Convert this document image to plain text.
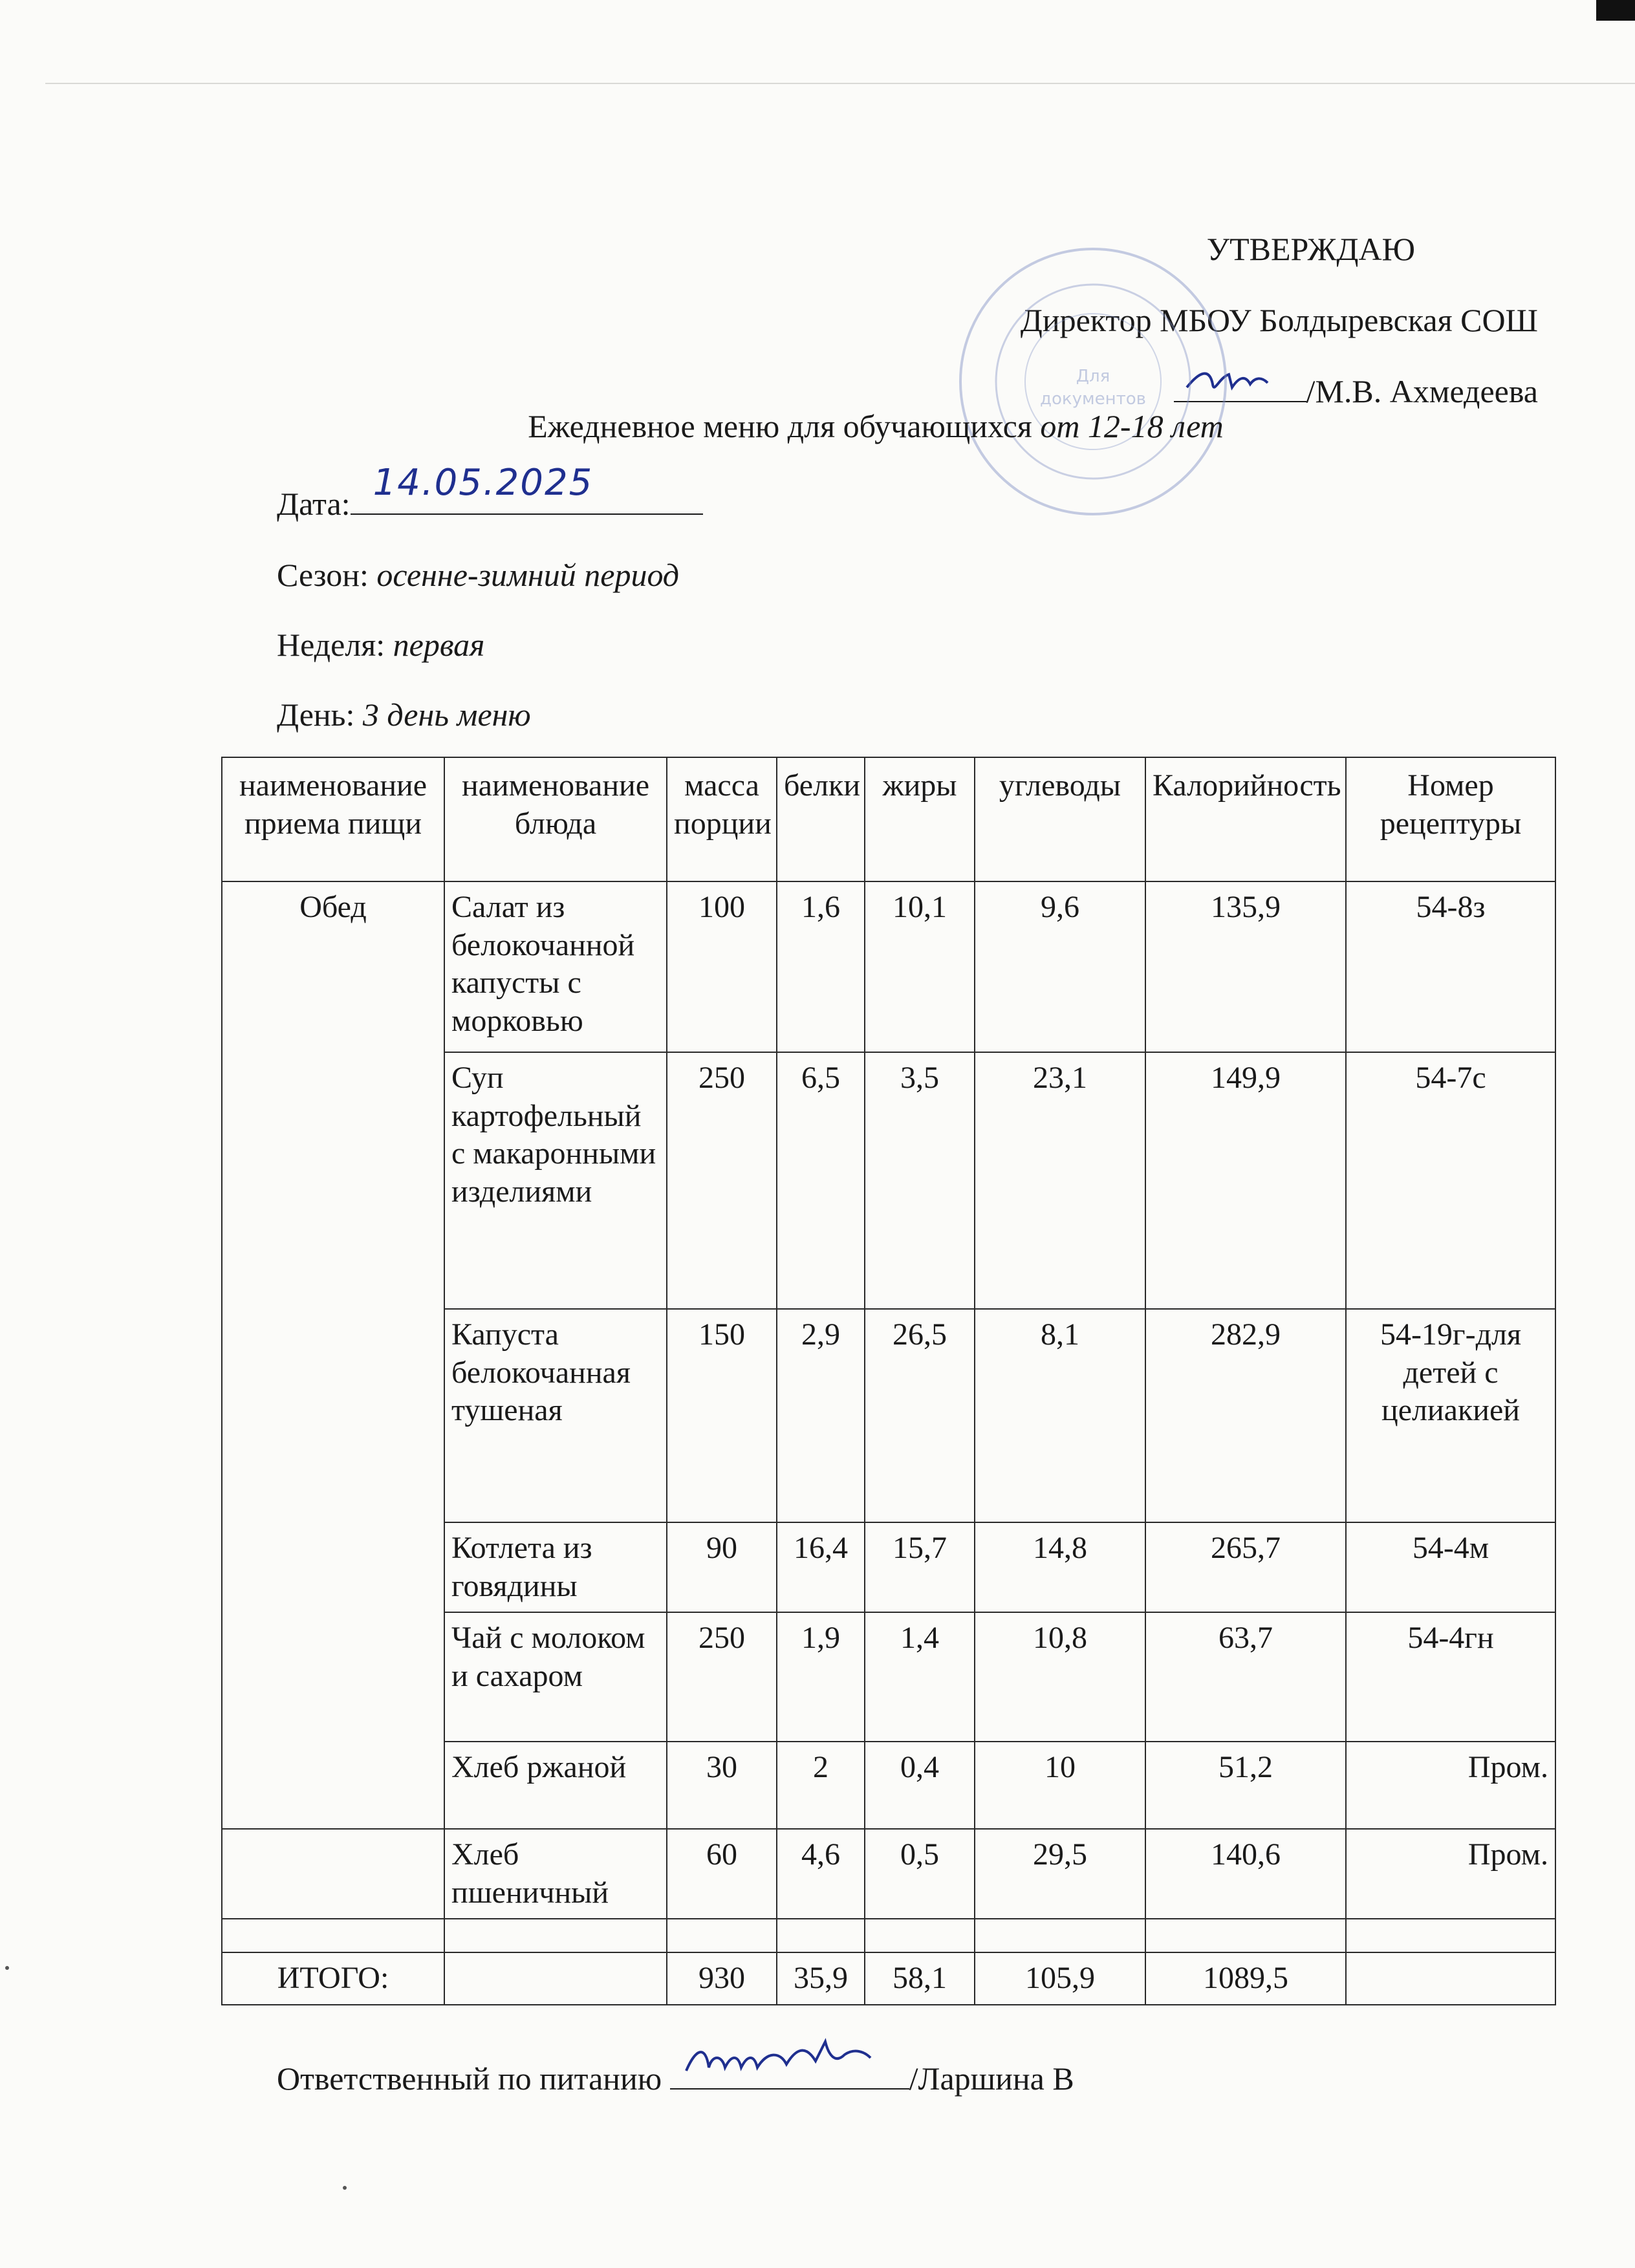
УТВЕРЖДАЮ
Директор МБОУ Болдыревская СОШ
/М.В. Ахмедеева
Для
документов
Ежедневное меню для обучающихся от 12-18 лет
Дата: 14.05.2025
Сезон: осенне-зимний период
Неделя: первая
День: 3 день меню
наименование приема пищи	наименование блюда	масса порции	белки	жиры	углеводы	Калорийность	Номер рецептуры
Обед	Салат из белокочанной капусты с морковью	100	1,6	10,1	9,6	135,9	54-8з
	Суп картофельный с макаронными изделиями	250	6,5	3,5	23,1	149,9	54-7с
	Капуста белокочанная тушеная	150	2,9	26,5	8,1	282,9	54-19г-для детей с целиакией
	Котлета из говядины	90	16,4	15,7	14,8	265,7	54-4м
	Чай с молоком и сахаром	250	1,9	1,4	10,8	63,7	54-4гн
	Хлеб ржаной	30	2	0,4	10	51,2	Пром.
	Хлеб пшеничный	60	4,6	0,5	29,5	140,6	Пром.

ИТОГО:		930	35,9	58,1	105,9	1089,5	
Ответственный по питанию	/Ларшина В
